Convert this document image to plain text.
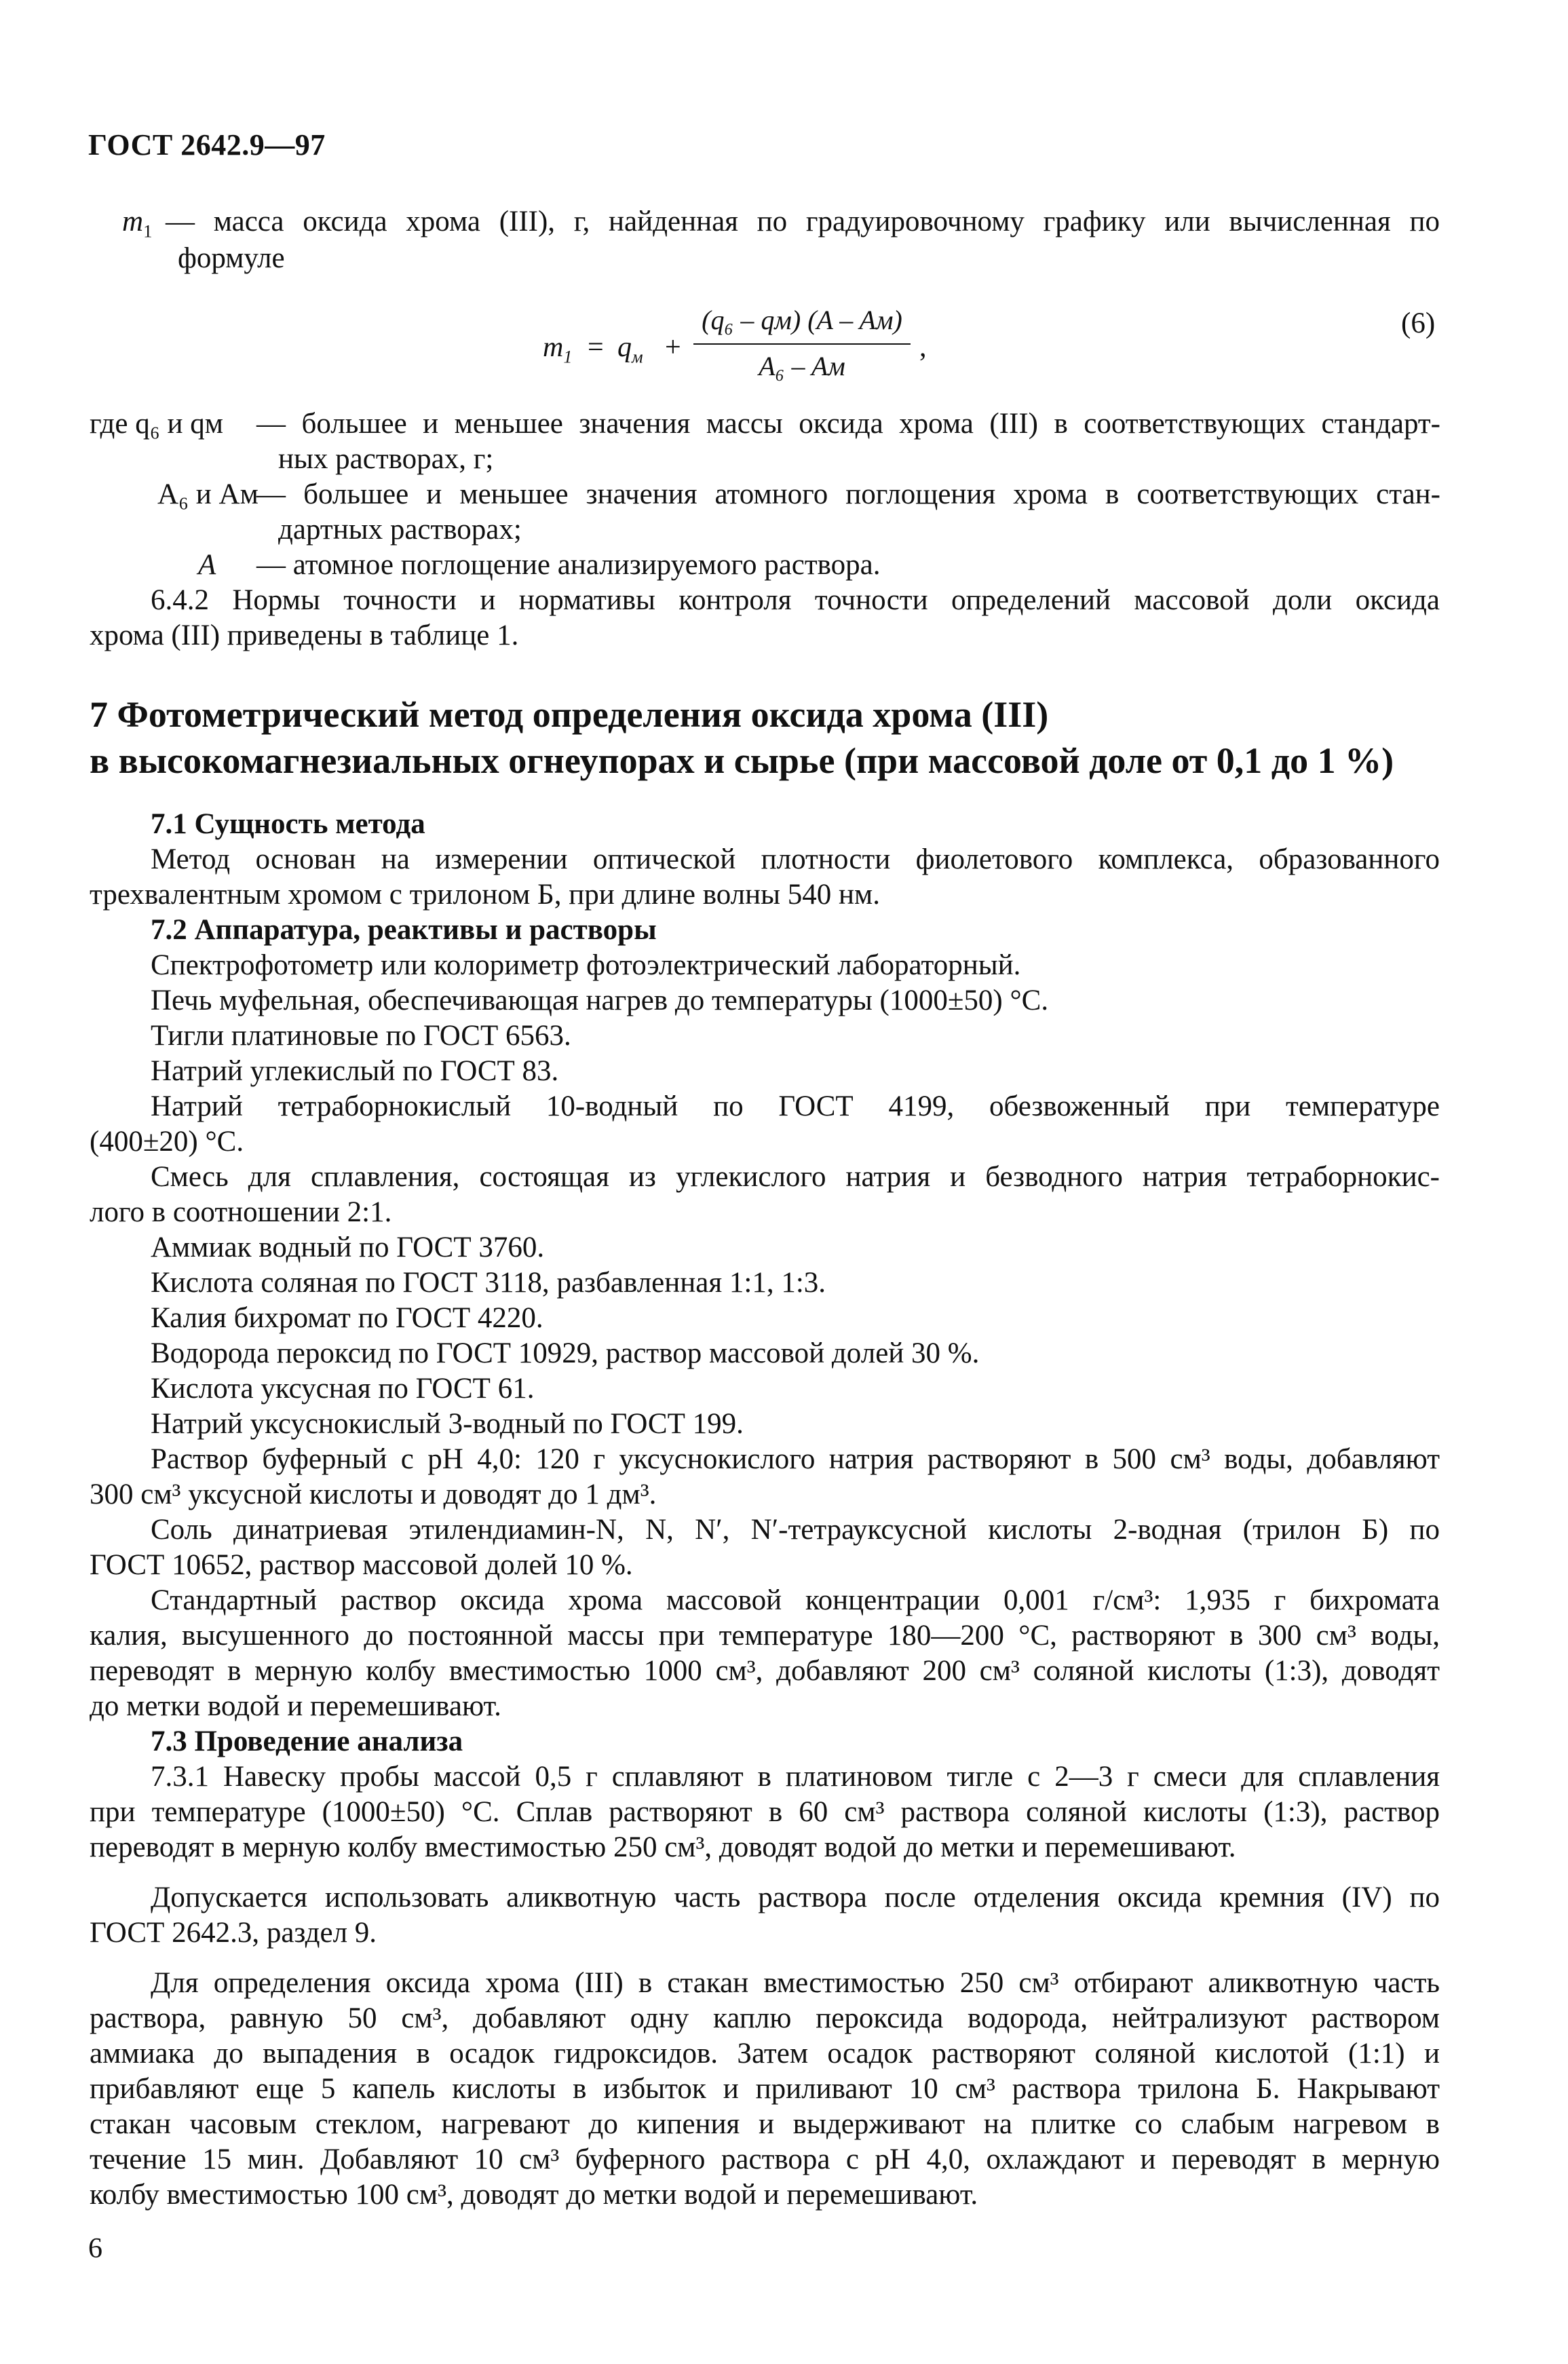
ГОСТ 2642.9—97
$m_1$ — масса оксида хрома (III), г, найденная по градуировочному графику или вычисленная по
формуле
$m_1 = q_м$ +
(q₆ – qм) (A – Aм)
A₆ – Aм
,
(6)
где q₆ и qм — большее и меньшее значения массы оксида хрома (III) в соответствующих стандарт-
ных растворах, г;
A₆ и Aм
— большее и меньшее значения атомного поглощения хрома в соответствующих стан-
дартных растворах;
A — атомное поглощение анализируемого раствора.
6.4.2 Нормы точности и нормативы контроля точности определений массовой доли оксида
хрома (III) приведены в таблице 1.
7 Фотометрический метод определения оксида хрома (III)
в высокомагнезиальных огнеупорах и сырье (при массовой доле от 0,1 до 1 %)
7.1 Сущность метода
Метод основан на измерении оптической плотности фиолетового комплекса, образованного
трехвалентным хромом с трилоном Б, при длине волны 540 нм.
7.2 Аппаратура, реактивы и растворы
Спектрофотометр или колориметр фотоэлектрический лабораторный.
Печь муфельная, обеспечивающая нагрев до температуры (1000±50) °С.
Тигли платиновые по ГОСТ 6563.
Натрий углекислый по ГОСТ 83.
Натрий тетраборнокислый 10-водный по ГОСТ 4199, обезвоженный при температуре
(400±20) °С.
Смесь для сплавления, состоящая из углекислого натрия и безводного натрия тетраборнокис-
лого в соотношении 2:1.
Аммиак водный по ГОСТ 3760.
Кислота соляная по ГОСТ 3118, разбавленная 1:1, 1:3.
Калия бихромат по ГОСТ 4220.
Водорода пероксид по ГОСТ 10929, раствор массовой долей 30 %.
Кислота уксусная по ГОСТ 61.
Натрий уксуснокислый 3-водный по ГОСТ 199.
Раствор буферный с pH 4,0: 120 г уксуснокислого натрия растворяют в 500 см³ воды, добавляют
300 см³ уксусной кислоты и доводят до 1 дм³.
Соль динатриевая этилендиамин-N, N, N′, N′-тетрауксусной кислоты 2-водная (трилон Б) по
ГОСТ 10652, раствор массовой долей 10 %.
Стандартный раствор оксида хрома массовой концентрации 0,001 г/см³: 1,935 г бихромата
калия, высушенного до постоянной массы при температуре 180—200 °С, растворяют в 300 см³ воды,
переводят в мерную колбу вместимостью 1000 см³, добавляют 200 см³ соляной кислоты (1:3), доводят
до метки водой и перемешивают.
7.3 Проведение анализа
7.3.1 Навеску пробы массой 0,5 г сплавляют в платиновом тигле с 2—3 г смеси для сплавления
при температуре (1000±50) °С. Сплав растворяют в 60 см³ раствора соляной кислоты (1:3), раствор
переводят в мерную колбу вместимостью 250 см³, доводят водой до метки и перемешивают.
Допускается использовать аликвотную часть раствора после отделения оксида кремния (IV) по
ГОСТ 2642.3, раздел 9.
Для определения оксида хрома (III) в стакан вместимостью 250 см³ отбирают аликвотную часть
раствора, равную 50 см³, добавляют одну каплю пероксида водорода, нейтрализуют раствором
аммиака до выпадения в осадок гидроксидов. Затем осадок растворяют соляной кислотой (1:1) и
прибавляют еще 5 капель кислоты в избыток и приливают 10 см³ раствора трилона Б. Накрывают
стакан часовым стеклом, нагревают до кипения и выдерживают на плитке со слабым нагревом в
течение 15 мин. Добавляют 10 см³ буферного раствора с pH 4,0, охлаждают и переводят в мерную
колбу вместимостью 100 см³, доводят до метки водой и перемешивают.
6
